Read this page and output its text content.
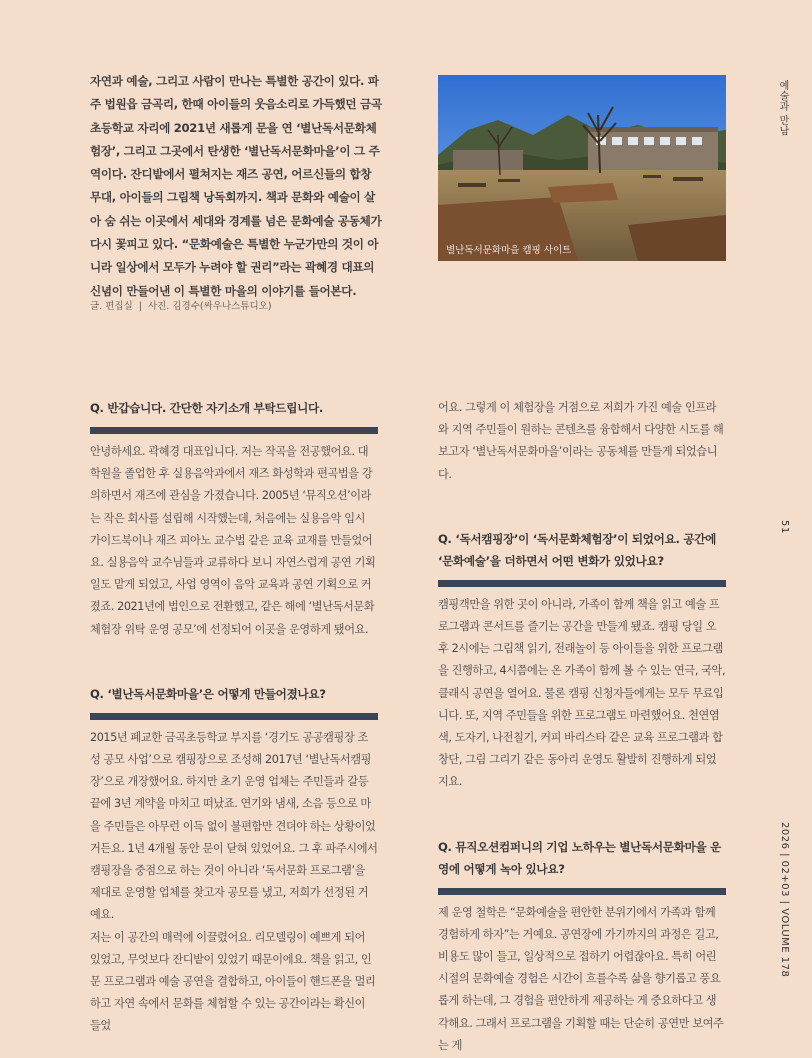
자연과 예술, 그리고 사람이 만나는 특별한 공간이 있다. 파주 법원읍 금곡리, 한때 아이들의 웃음소리로 가득했던 금곡초등학교 자리에 2021년 새롭게 문을 연 ‘별난독서문화체험장’, 그리고 그곳에서 탄생한 ‘별난독서문화마을’이 그 주역이다. 잔디밭에서 펼쳐지는 재즈 공연, 어르신들의 합창 무대, 아이들의 그림책 낭독회까지. 책과 문화와 예술이 살아 숨 쉬는 이곳에서 세대와 경계를 넘은 문화예술 공동체가 다시 꽃피고 있다. “문화예술은 특별한 누군가만의 것이 아니라 일상에서 모두가 누려야 할 권리”라는 곽혜경 대표의 신념이 만들어낸 이 특별한 마을의 이야기를 들어본다.
글. 편집실 | 사진. 김경수(싸우나스튜디오)
별난독서문화마을 캠핑 사이트
예술과 만남
51
2026 | 02+03 | VOLUME 178
Q. 반갑습니다. 간단한 자기소개 부탁드립니다.

안녕하세요. 곽혜경 대표입니다. 저는 작곡을 전공했어요. 대학원을 졸업한 후 실용음악과에서 재즈 화성학과 편곡법을 강의하면서 재즈에 관심을 가졌습니다. 2005년 ‘뮤직오션’이라는 작은 회사를 설립해 시작했는데, 처음에는 실용음악 입시 가이드북이나 재즈 피아노 교수법 같은 교육 교재를 만들었어요. 실용음악 교수님들과 교류하다 보니 자연스럽게 공연 기획 일도 맡게 되었고, 사업 영역이 음악 교육과 공연 기획으로 커졌죠. 2021년에 법인으로 전환했고, 같은 해에 ‘별난독서문화체험장 위탁 운영 공모’에 선정되어 이곳을 운영하게 됐어요.

Q. ‘별난독서문화마을’은 어떻게 만들어졌나요?

2015년 폐교한 금곡초등학교 부지를 ‘경기도 공공캠핑장 조성 공모 사업’으로 캠핑장으로 조성해 2017년 ‘별난독서캠핑장’으로 개장했어요. 하지만 초기 운영 업체는 주민들과 갈등 끝에 3년 계약을 마치고 떠났죠. 연기와 냄새, 소음 등으로 마을 주민들은 아무런 이득 없이 불편함만 견뎌야 하는 상황이었거든요. 1년 4개월 동안 문이 닫혀 있었어요. 그 후 파주시에서 캠핑장을 중점으로 하는 것이 아니라 ‘독서문화 프로그램’을 제대로 운영할 업체를 찾고자 공모를 냈고, 저희가 선정된 거예요.

저는 이 공간의 매력에 이끌렸어요. 리모델링이 예쁘게 되어 있었고, 무엇보다 잔디밭이 있었기 때문이에요. 책을 읽고, 인문 프로그램과 예술 공연을 결합하고, 아이들이 핸드폰을 멀리하고 자연 속에서 문화를 체험할 수 있는 공간이라는 확신이 들었

어요. 그렇게 이 체험장을 거점으로 저희가 가진 예술 인프라와 지역 주민들이 원하는 콘텐츠를 융합해서 다양한 시도를 해보고자 ‘별난독서문화마을’이라는 공동체를 만들게 되었습니다.

Q. ‘독서캠핑장’이 ‘독서문화체험장’이 되었어요. 공간에 ‘문화예술’을 더하면서 어떤 변화가 있었나요?

캠핑객만을 위한 곳이 아니라, 가족이 함께 책을 읽고 예술 프로그램과 콘서트를 즐기는 공간을 만들게 됐죠. 캠핑 당일 오후 2시에는 그림책 읽기, 전래놀이 등 아이들을 위한 프로그램을 진행하고, 4시쯤에는 온 가족이 함께 볼 수 있는 연극, 국악, 클래식 공연을 열어요. 물론 캠핑 신청자들에게는 모두 무료입니다. 또, 지역 주민들을 위한 프로그램도 마련했어요. 천연염색, 도자기, 나전칠기, 커피 바리스타 같은 교육 프로그램과 합창단, 그림 그리기 같은 동아리 운영도 활발히 진행하게 되었지요.

Q. 뮤직오션컴퍼니의 기업 노하우는 별난독서문화마을 운영에 어떻게 녹아 있나요?

제 운영 철학은 “문화예술을 편안한 분위기에서 가족과 함께 경험하게 하자”는 거예요. 공연장에 가기까지의 과정은 길고, 비용도 많이 들고, 일상적으로 접하기 어렵잖아요. 특히 어린시절의 문화예술 경험은 시간이 흐를수록 삶을 향기롭고 풍요롭게 하는데, 그 경험을 편안하게 제공하는 게 중요하다고 생각해요. 그래서 프로그램을 기획할 때는 단순히 공연만 보여주는 게
